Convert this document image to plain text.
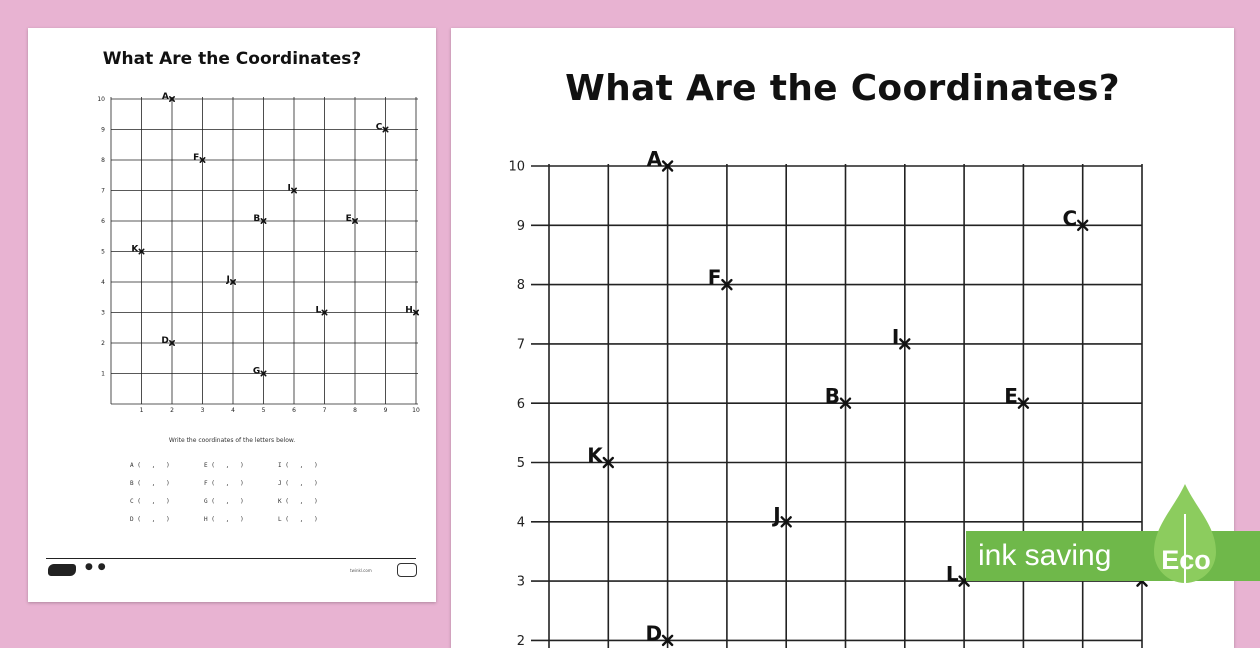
What Are the Coordinates?
1
2
3
4
5
6
7
8
9
10
1	2	3	4	5	6	7	8	9	10
A
B
C
D
E
F
G
H
I
J
K
L
Write the coordinates of the letters below.
A (   ,   )
B (   ,   )
C (   ,   )
D (   ,   )
E (   ,   )
F (   ,   )
G (   ,   )
H (   ,   )
I (   ,   )
J (   ,   )
K (   ,   )
L (   ,   )
● ●	twinkl.com
What Are the Coordinates?
2
3
4
5
6
7
8
9
10	A
B
C
D
E
F
I
J
K
L
ink saving Eco
